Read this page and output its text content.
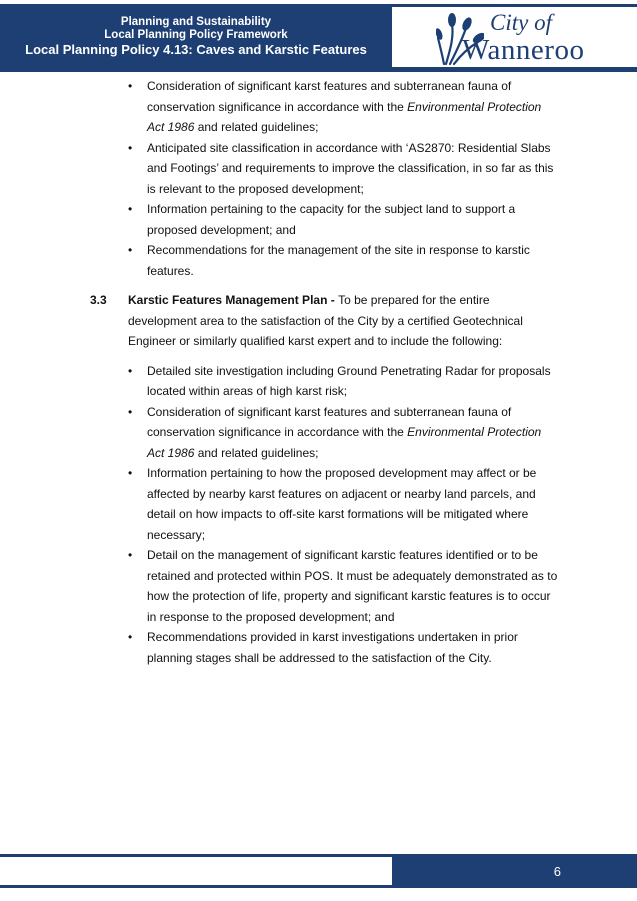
Planning and Sustainability
Local Planning Policy Framework
Local Planning Policy 4.13: Caves and Karstic Features
City of
Wanneroo
• Consideration of significant karst features and subterranean fauna of conservation significance in accordance with the Environmental Protection Act 1986 and related guidelines;
• Anticipated site classification in accordance with ‘AS2870: Residential Slabs and Footings’ and requirements to improve the classification, in so far as this is relevant to the proposed development;
• Information pertaining to the capacity for the subject land to support a proposed development; and
• Recommendations for the management of the site in response to karstic features.
3.3 Karstic Features Management Plan - To be prepared for the entire development area to the satisfaction of the City by a certified Geotechnical Engineer or similarly qualified karst expert and to include the following:
• Detailed site investigation including Ground Penetrating Radar for proposals located within areas of high karst risk;
• Consideration of significant karst features and subterranean fauna of conservation significance in accordance with the Environmental Protection Act 1986 and related guidelines;
• Information pertaining to how the proposed development may affect or be affected by nearby karst features on adjacent or nearby land parcels, and detail on how impacts to off-site karst formations will be mitigated where necessary;
• Detail on the management of significant karstic features identified or to be retained and protected within POS. It must be adequately demonstrated as to how the protection of life, property and significant karstic features is to occur in response to the proposed development; and
• Recommendations provided in karst investigations undertaken in prior planning stages shall be addressed to the satisfaction of the City.
6
